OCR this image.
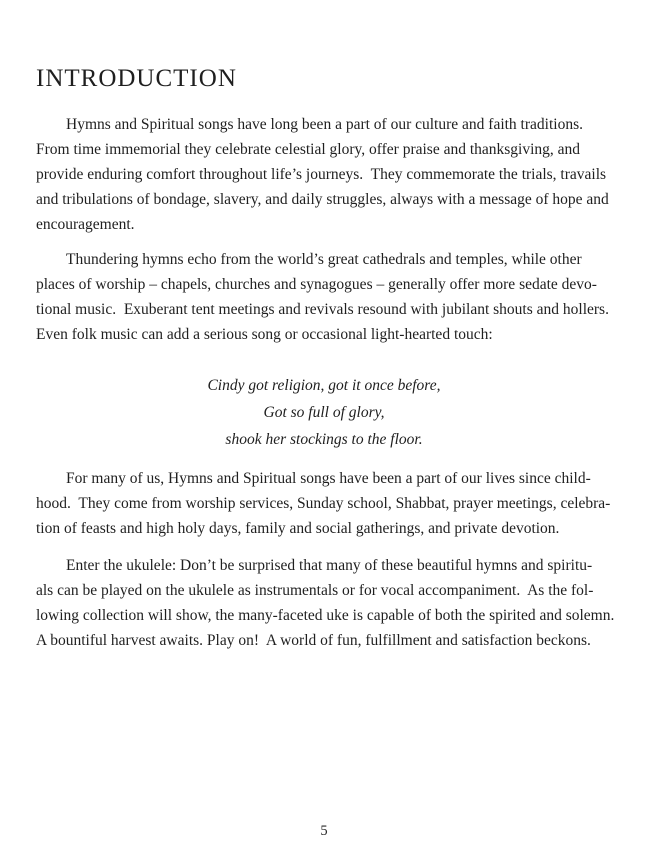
INTRODUCTION
Hymns and Spiritual songs have long been a part of our culture and faith traditions.
From time immemorial they celebrate celestial glory, offer praise and thanksgiving, and
provide enduring comfort throughout life’s journeys.  They commemorate the trials, travails
and tribulations of bondage, slavery, and daily struggles, always with a message of hope and
encouragement.
Thundering hymns echo from the world’s great cathedrals and temples, while other
places of worship – chapels, churches and synagogues – generally offer more sedate devo-
tional music.  Exuberant tent meetings and revivals resound with jubilant shouts and hollers.
Even folk music can add a serious song or occasional light-hearted touch:
Cindy got religion, got it once before,
Got so full of glory,
shook her stockings to the floor.
For many of us, Hymns and Spiritual songs have been a part of our lives since child-
hood.  They come from worship services, Sunday school, Shabbat, prayer meetings, celebra-
tion of feasts and high holy days, family and social gatherings, and private devotion.
Enter the ukulele: Don’t be surprised that many of these beautiful hymns and spiritu-
als can be played on the ukulele as instrumentals or for vocal accompaniment.  As the fol-
lowing collection will show, the many-faceted uke is capable of both the spirited and solemn.
A bountiful harvest awaits. Play on!  A world of fun, fulfillment and satisfaction beckons.
5
